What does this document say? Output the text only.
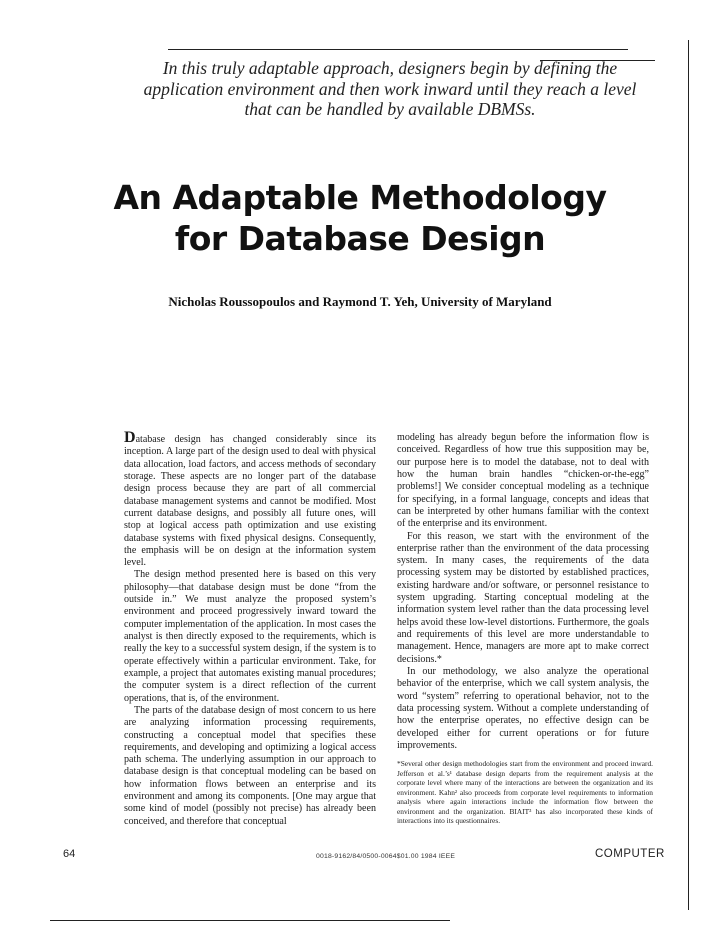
In this truly adaptable approach, designers begin by defining the application environment and then work inward until they reach a level that can be handled by available DBMSs.
An Adaptable Methodology
for Database Design
Nicholas Roussopoulos and Raymond T. Yeh, University of Maryland

Database design has changed considerably since its inception. A large part of the design used to deal with physical data allocation, load factors, and access methods of secondary storage. These aspects are no longer part of the database design process because they are part of all commercial database management systems and cannot be modified. Most current database designs, and possibly all future ones, will stop at logical access path optimization and use existing database systems with fixed physical designs. Consequently, the emphasis will be on design at the information system level.

The design method presented here is based on this very philosophy—that database design must be done “from the outside in.” We must analyze the proposed system’s environment and proceed progressively inward toward the computer implementation of the application. In most cases the analyst is then directly exposed to the requirements, which is really the key to a successful system design, if the system is to operate effectively within a particular environment. Take, for example, a project that automates existing manual procedures; the computer system is a direct reflection of the current operations, that is, of the environment.

The parts of the database design of most concern to us here are analyzing information processing requirements, constructing a conceptual model that specifies these requirements, and developing and optimizing a logical access path schema. The underlying assumption in our approach to database design is that conceptual modeling can be based on how information flows between an enterprise and its environment and among its components. [One may argue that some kind of model (possibly not precise) has already been conceived, and therefore that conceptual

modeling has already begun before the information flow is conceived. Regardless of how true this supposition may be, our purpose here is to model the database, not to deal with how the human brain handles “chicken-or-the-egg” problems!] We consider conceptual modeling as a technique for specifying, in a formal language, concepts and ideas that can be interpreted by other humans familiar with the context of the enterprise and its environment.

For this reason, we start with the environment of the enterprise rather than the environment of the data processing system. In many cases, the requirements of the data processing system may be distorted by established practices, existing hardware and/or software, or personnel resistance to system upgrading. Starting conceptual modeling at the information system level rather than the data processing level helps avoid these low-level distortions. Furthermore, the goals and requirements of this level are more understandable to management. Hence, managers are more apt to make correct decisions.*

In our methodology, we also analyze the operational behavior of the enterprise, which we call system analysis, the word “system” referring to operational behavior, not to the data processing system. Without a complete understanding of how the enterprise operates, no effective design can be developed either for current operations or for future improvements.

*Several other design methodologies start from the environment and proceed inward. Jefferson et al.’s¹ database design departs from the requirement analysis at the corporate level where many of the interactions are between the organization and its environment. Kahn² also proceeds from corporate level requirements to information analysis where again interactions include the information flow between the environment and the organization. BIAIT³ has also incorporated these kinds of interactions into its questionnaires.

64	0018-9162/84/0500-0064$01.00 1984 IEEE	COMPUTER
